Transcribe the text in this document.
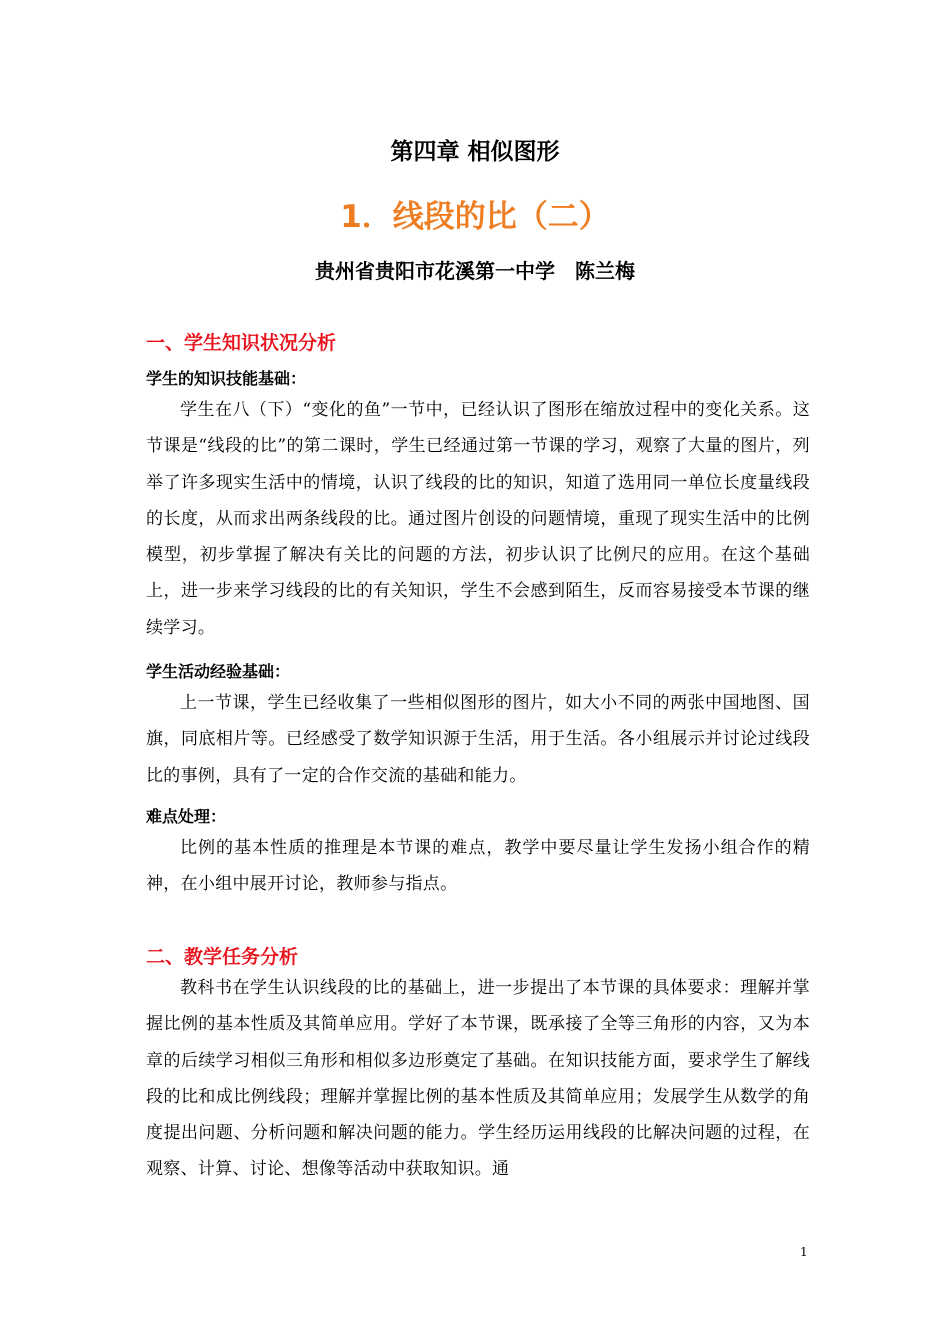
第四章 相似图形
1．线段的比（二）
贵州省贵阳市花溪第一中学　陈兰梅
一、学生知识状况分析
学生的知识技能基础：
学生在八（下）“变化的鱼”一节中，已经认识了图形在缩放过程中的变化关系。这节课是“线段的比”的第二课时，学生已经通过第一节课的学习，观察了大量的图片，列举了许多现实生活中的情境，认识了线段的比的知识，知道了选用同一单位长度量线段的长度，从而求出两条线段的比。通过图片创设的问题情境，重现了现实生活中的比例模型，初步掌握了解决有关比的问题的方法，初步认识了比例尺的应用。在这个基础上，进一步来学习线段的比的有关知识，学生不会感到陌生，反而容易接受本节课的继续学习。
学生活动经验基础：
上一节课，学生已经收集了一些相似图形的图片，如大小不同的两张中国地图、国旗，同底相片等。已经感受了数学知识源于生活，用于生活。各小组展示并讨论过线段比的事例，具有了一定的合作交流的基础和能力。
难点处理：
比例的基本性质的推理是本节课的难点，教学中要尽量让学生发扬小组合作的精神，在小组中展开讨论，教师参与指点。
二、教学任务分析
教科书在学生认识线段的比的基础上，进一步提出了本节课的具体要求：理解并掌握比例的基本性质及其简单应用。学好了本节课，既承接了全等三角形的内容，又为本章的后续学习相似三角形和相似多边形奠定了基础。在知识技能方面，要求学生了解线段的比和成比例线段；理解并掌握比例的基本性质及其简单应用；发展学生从数学的角度提出问题、分析问题和解决问题的能力。学生经历运用线段的比解决问题的过程，在观察、计算、讨论、想像等活动中获取知识。通
1
